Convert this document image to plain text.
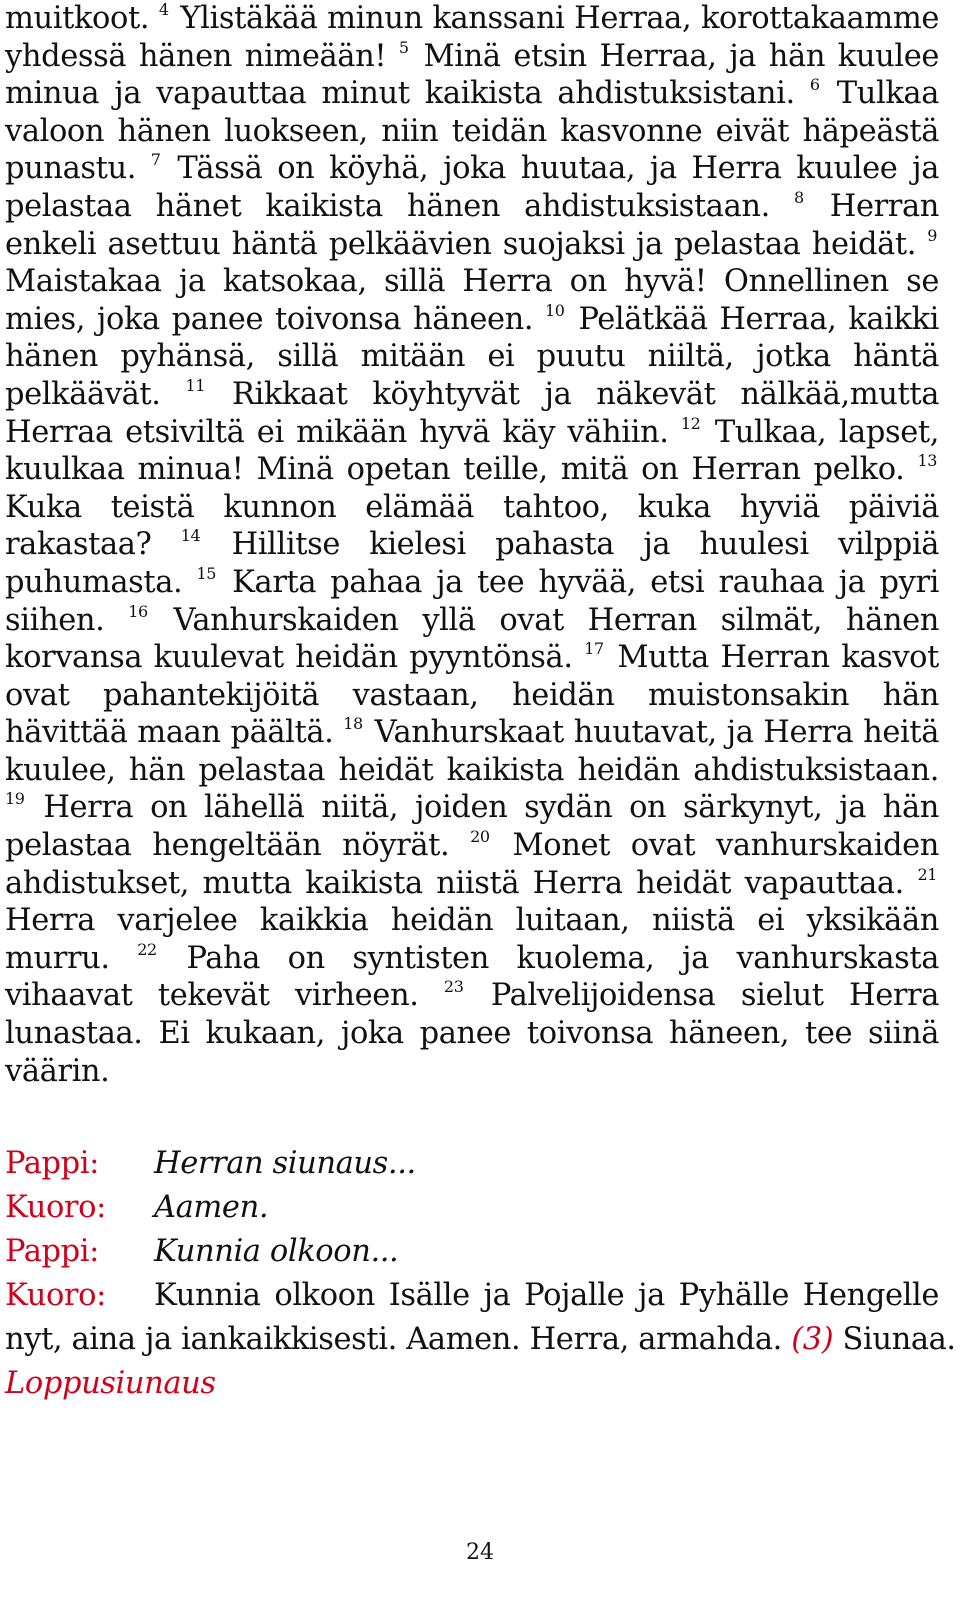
muitkoot. $^4$ Ylistäkää minun kanssani Herraa, korottakaamme yhdessä hänen nimeään! $^5$ Minä etsin Herraa, ja hän kuulee minua ja vapauttaa minut kaikista ahdistuksistani. $^6$ Tulkaa valoon hänen luokseen, niin teidän kasvonne eivät häpeästä punastu. $^7$ Tässä on köyhä, joka huutaa, ja Herra kuulee ja pelastaa hänet kaikista hänen ahdistuksistaan. $^8$ Herran enkeli asettuu häntä pelkäävien suojaksi ja pelastaa heidät. $^9$ Maistakaa ja katsokaa, sillä Herra on hyvä! Onnellinen se mies, joka panee toivonsa häneen. $^{10}$ Pelätkää Herraa, kaikki hänen pyhänsä, sillä mitään ei puutu niiltä, jotka häntä pelkäävät. $^{11}$ Rikkaat köyhtyvät ja näkevät nälkää,mutta Herraa etsiviltä ei mikään hyvä käy vähiin. $^{12}$ Tulkaa, lapset, kuulkaa minua! Minä opetan teille, mitä on Herran pelko. $^{13}$ Kuka teistä kunnon elämää tahtoo, kuka hyviä päiviä rakastaa? $^{14}$ Hillitse kielesi pahasta ja huulesi vilppiä puhumasta. $^{15}$ Karta pahaa ja tee hyvää, etsi rauhaa ja pyri siihen. $^{16}$ Vanhurskaiden yllä ovat Herran silmät, hänen korvansa kuulevat heidän pyyntönsä. $^{17}$ Mutta Herran kasvot ovat pahantekijöitä vastaan, heidän muistonsakin hän hävittää maan päältä. $^{18}$ Vanhurskaat huutavat, ja Herra heitä kuulee, hän pelastaa heidät kaikista heidän ahdistuksistaan. $^{19}$ Herra on lähellä niitä, joiden sydän on särkynyt, ja hän pelastaa hengeltään nöyrät. $^{20}$ Monet ovat vanhurskaiden ahdistukset, mutta kaikista niistä Herra heidät vapauttaa. $^{21}$ Herra varjelee kaikkia heidän luitaan, niistä ei yksikään murru. $^{22}$ Paha on syntisten kuolema, ja vanhurskasta vihaavat tekevät virheen. $^{23}$ Palvelijoidensa sielut Herra lunastaa. Ei kukaan, joka panee toivonsa häneen, tee siinä väärin.

Pappi: Herran siunaus...
Kuoro: Aamen.
Pappi: Kunnia olkoon...
Kuoro: Kunnia olkoon Isälle ja Pojalle ja Pyhälle Hengelle
nyt, aina ja iankaikkisesti. Aamen. Herra, armahda. (3) Siunaa.
Loppusiunaus
24
